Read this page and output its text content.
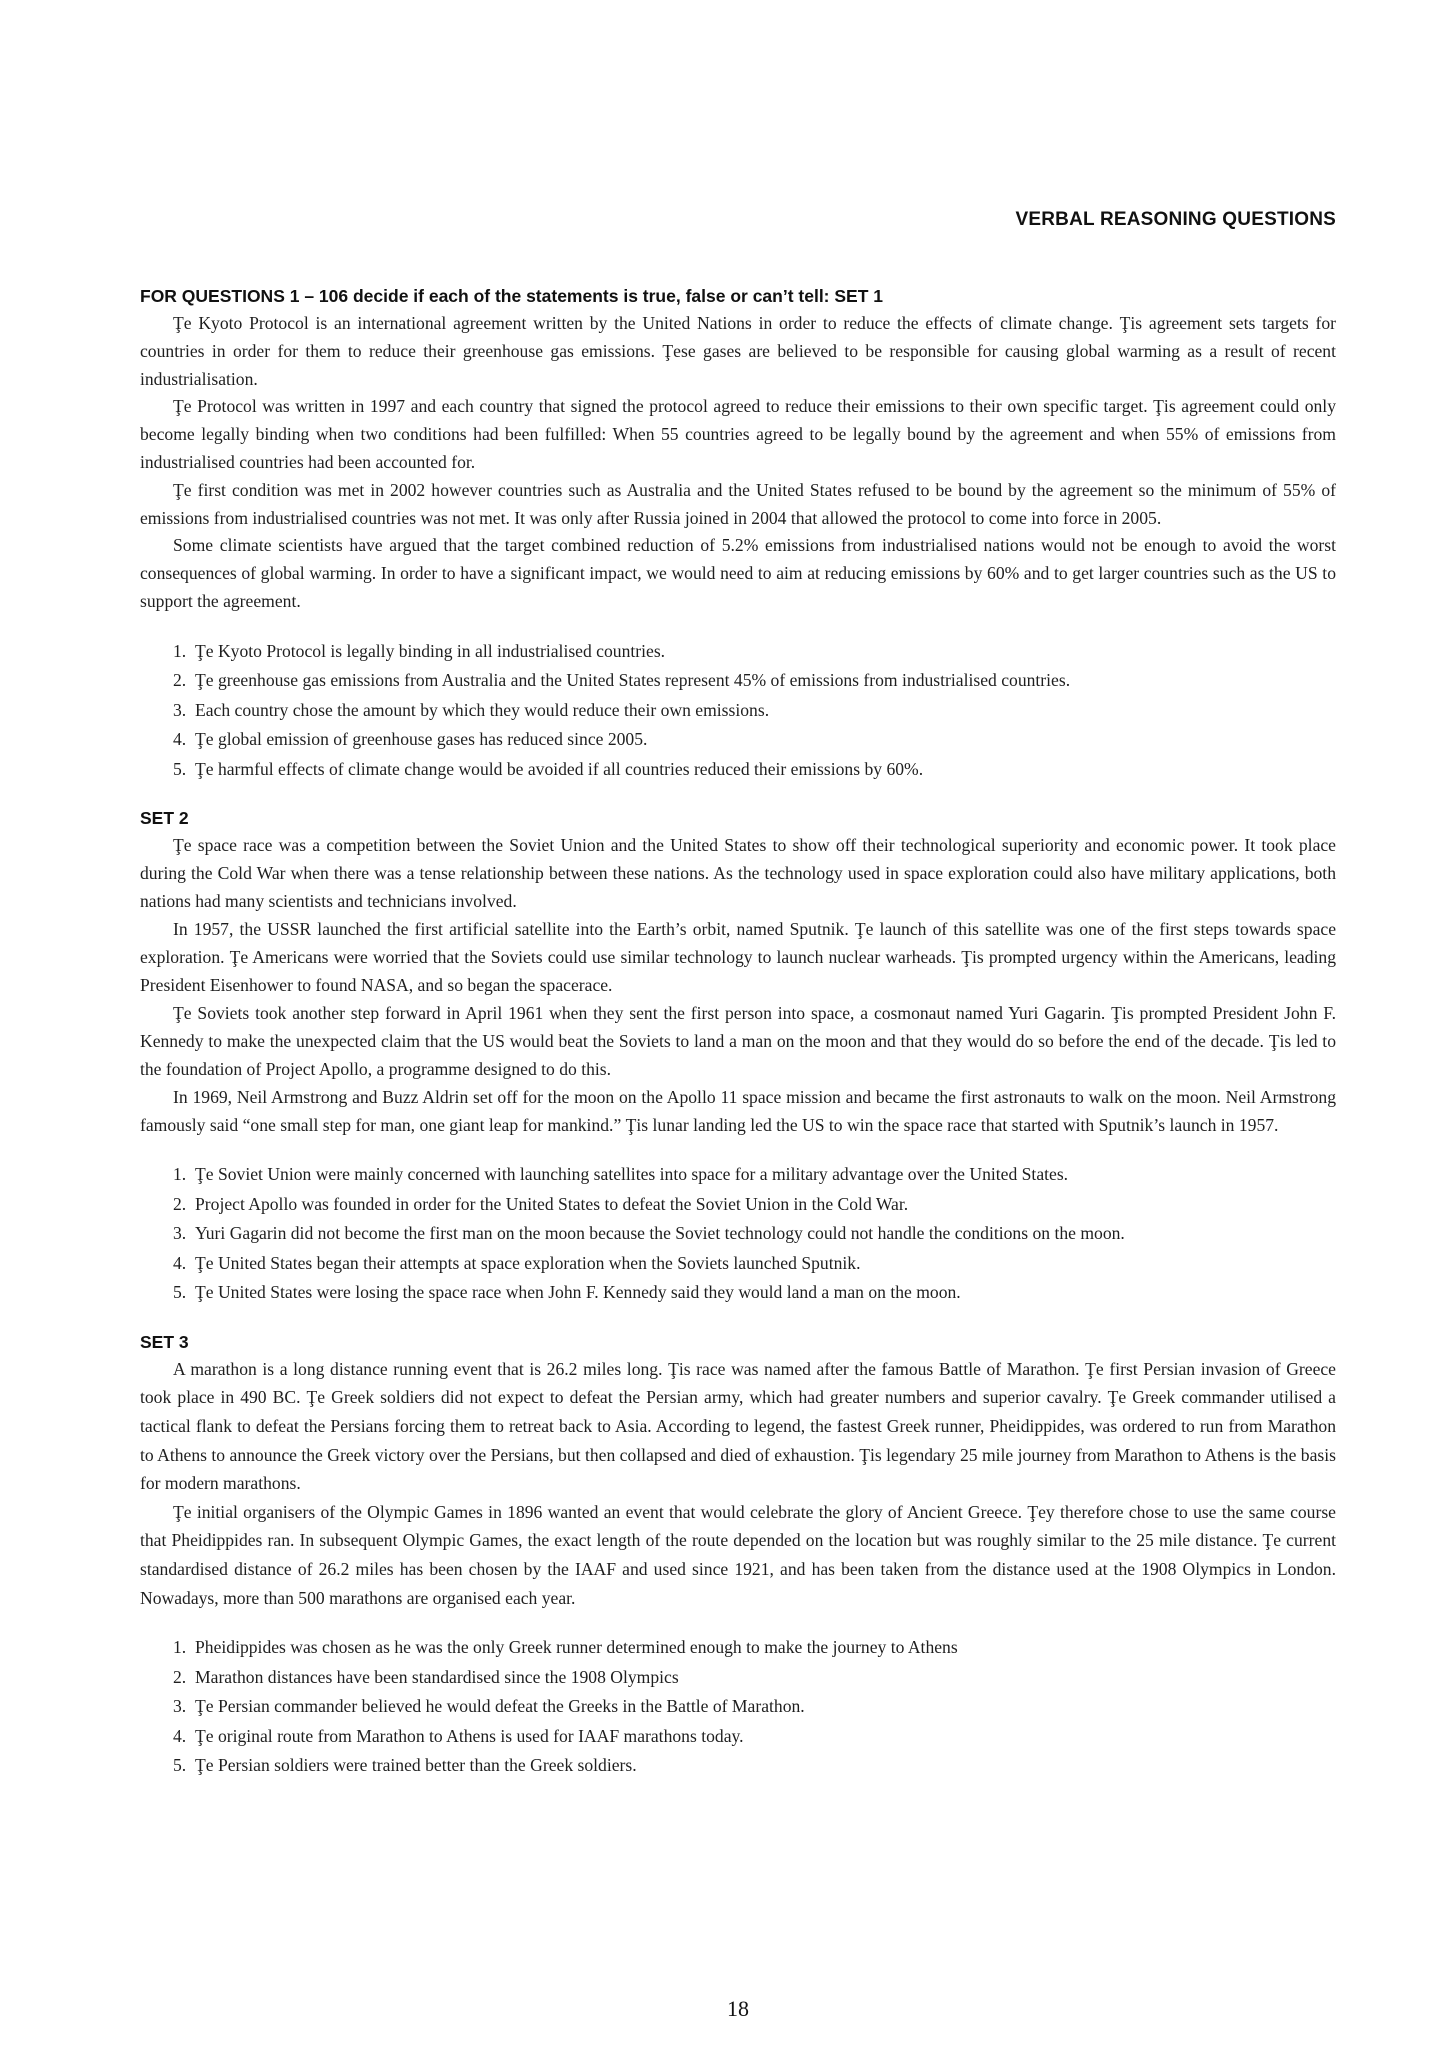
VERBAL REASONING QUESTIONS
FOR QUESTIONS 1 – 106 decide if each of the statements is true, false or can’t tell: SET 1

Ţe Kyoto Protocol is an international agreement written by the United Nations in order to reduce the effects of climate change. Ţis agreement sets targets for countries in order for them to reduce their greenhouse gas emissions. Ţese gases are believed to be responsible for causing global warming as a result of recent industrialisation.

Ţe Protocol was written in 1997 and each country that signed the protocol agreed to reduce their emissions to their own specific target. Ţis agreement could only become legally binding when two conditions had been fulfilled: When 55 countries agreed to be legally bound by the agreement and when 55% of emissions from industrialised countries had been accounted for.

Ţe first condition was met in 2002 however countries such as Australia and the United States refused to be bound by the agreement so the minimum of 55% of emissions from industrialised countries was not met. It was only after Russia joined in 2004 that allowed the protocol to come into force in 2005.

Some climate scientists have argued that the target combined reduction of 5.2% emissions from industrialised nations would not be enough to avoid the worst consequences of global warming. In order to have a significant impact, we would need to aim at reducing emissions by 60% and to get larger countries such as the US to support the agreement.

1. Ţe Kyoto Protocol is legally binding in all industrialised countries.
2. Ţe greenhouse gas emissions from Australia and the United States represent 45% of emissions from industrialised countries.
3. Each country chose the amount by which they would reduce their own emissions.
4. Ţe global emission of greenhouse gases has reduced since 2005.
5. Ţe harmful effects of climate change would be avoided if all countries reduced their emissions by 60%.
SET 2

Ţe space race was a competition between the Soviet Union and the United States to show off their technological superiority and economic power. It took place during the Cold War when there was a tense relationship between these nations. As the technology used in space exploration could also have military applications, both nations had many scientists and technicians involved.

In 1957, the USSR launched the first artificial satellite into the Earth’s orbit, named Sputnik. Ţe launch of this satellite was one of the first steps towards space exploration. Ţe Americans were worried that the Soviets could use similar technology to launch nuclear warheads. Ţis prompted urgency within the Americans, leading President Eisenhower to found NASA, and so began the spacerace.

Ţe Soviets took another step forward in April 1961 when they sent the first person into space, a cosmonaut named Yuri Gagarin. Ţis prompted President John F. Kennedy to make the unexpected claim that the US would beat the Soviets to land a man on the moon and that they would do so before the end of the decade. Ţis led to the foundation of Project Apollo, a programme designed to do this.

In 1969, Neil Armstrong and Buzz Aldrin set off for the moon on the Apollo 11 space mission and became the first astronauts to walk on the moon. Neil Armstrong famously said “one small step for man, one giant leap for mankind.” Ţis lunar landing led the US to win the space race that started with Sputnik’s launch in 1957.

1. Ţe Soviet Union were mainly concerned with launching satellites into space for a military advantage over the United States.
2. Project Apollo was founded in order for the United States to defeat the Soviet Union in the Cold War.
3. Yuri Gagarin did not become the first man on the moon because the Soviet technology could not handle the conditions on the moon.
4. Ţe United States began their attempts at space exploration when the Soviets launched Sputnik.
5. Ţe United States were losing the space race when John F. Kennedy said they would land a man on the moon.
SET 3

A marathon is a long distance running event that is 26.2 miles long. Ţis race was named after the famous Battle of Marathon. Ţe first Persian invasion of Greece took place in 490 BC. Ţe Greek soldiers did not expect to defeat the Persian army, which had greater numbers and superior cavalry. Ţe Greek commander utilised a tactical flank to defeat the Persians forcing them to retreat back to Asia. According to legend, the fastest Greek runner, Pheidippides, was ordered to run from Marathon to Athens to announce the Greek victory over the Persians, but then collapsed and died of exhaustion. Ţis legendary 25 mile journey from Marathon to Athens is the basis for modern marathons.

Ţe initial organisers of the Olympic Games in 1896 wanted an event that would celebrate the glory of Ancient Greece. Ţey therefore chose to use the same course that Pheidippides ran. In subsequent Olympic Games, the exact length of the route depended on the location but was roughly similar to the 25 mile distance. Ţe current standardised distance of 26.2 miles has been chosen by the IAAF and used since 1921, and has been taken from the distance used at the 1908 Olympics in London. Nowadays, more than 500 marathons are organised each year.

1. Pheidippides was chosen as he was the only Greek runner determined enough to make the journey to Athens
2. Marathon distances have been standardised since the 1908 Olympics
3. Ţe Persian commander believed he would defeat the Greeks in the Battle of Marathon.
4. Ţe original route from Marathon to Athens is used for IAAF marathons today.
5. Ţe Persian soldiers were trained better than the Greek soldiers.
18
